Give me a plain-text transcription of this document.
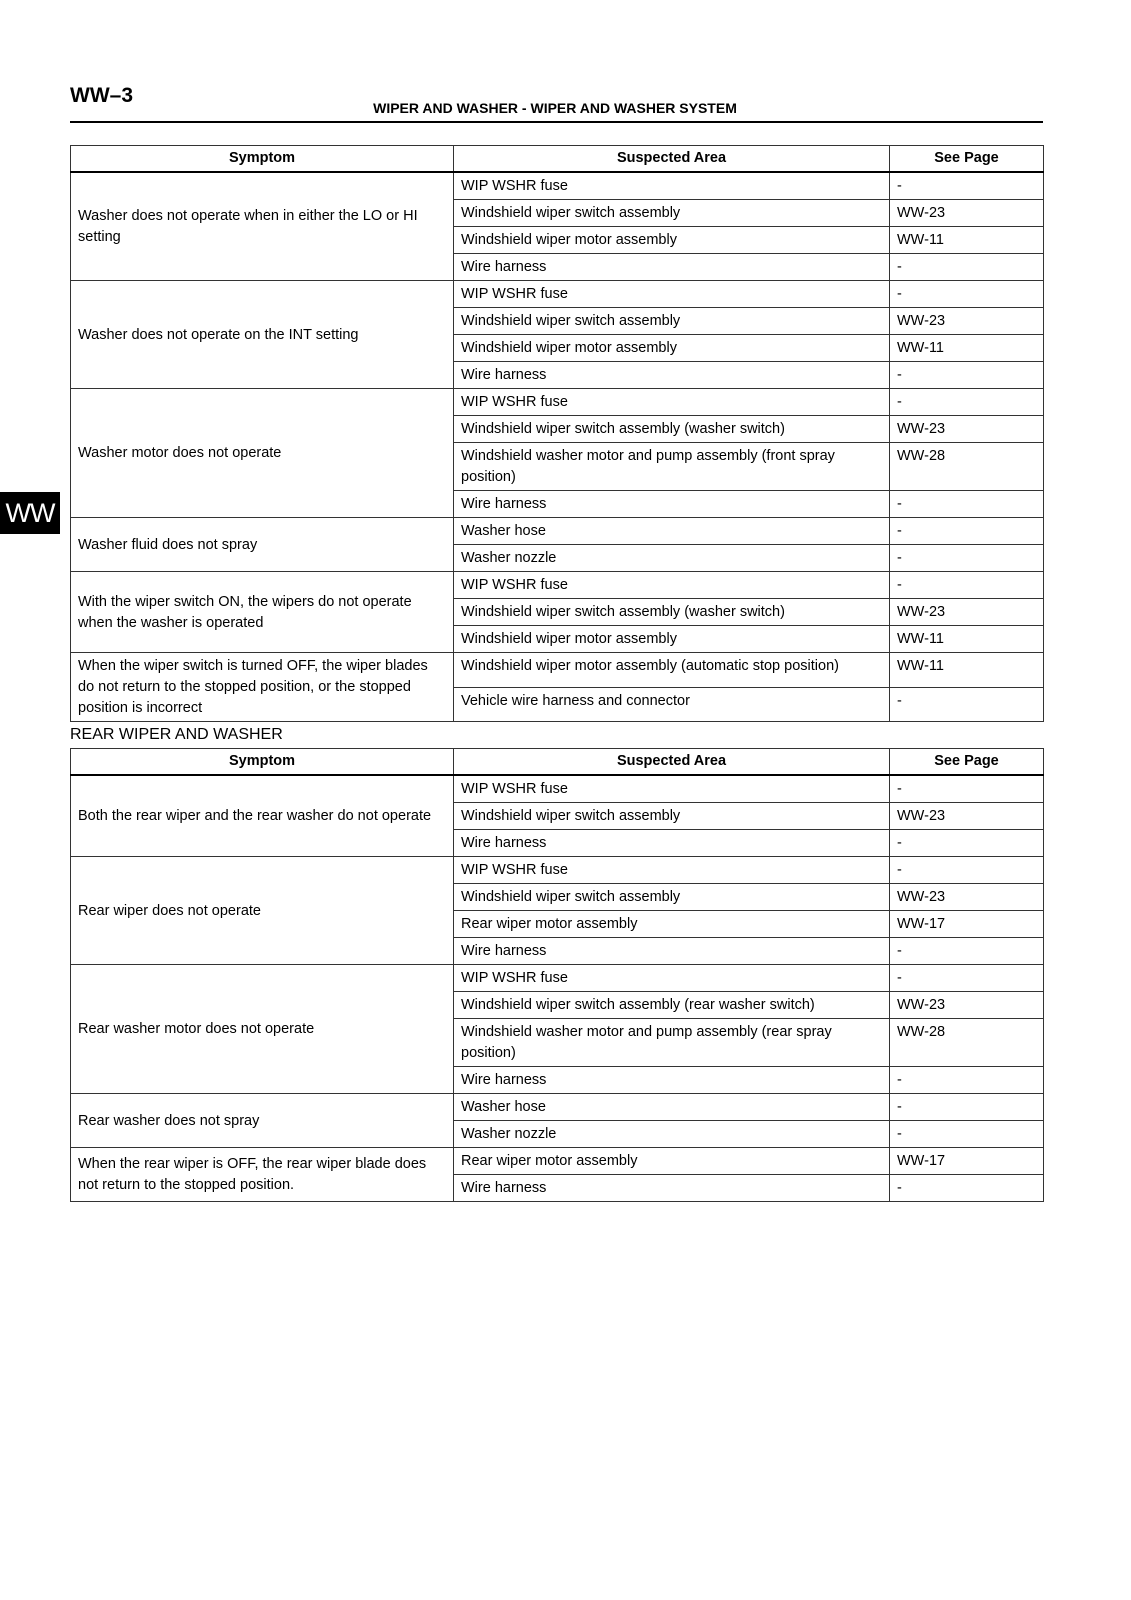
WW–3
WIPER AND WASHER - WIPER AND WASHER SYSTEM
WW
Symptom	Suspected Area	See Page
Washer does not operate when in either the LO or HI setting	WIP WSHR fuse	-
	Windshield wiper switch assembly	WW-23
	Windshield wiper motor assembly	WW-11
	Wire harness	-
Washer does not operate on the INT setting	WIP WSHR fuse	-
	Windshield wiper switch assembly	WW-23
	Windshield wiper motor assembly	WW-11
	Wire harness	-
Washer motor does not operate	WIP WSHR fuse	-
	Windshield wiper switch assembly (washer switch)	WW-23
	Windshield washer motor and pump assembly (front spray position)	WW-28
	Wire harness	-
Washer fluid does not spray	Washer hose	-
	Washer nozzle	-
With the wiper switch ON, the wipers do not operate when the washer is operated	WIP WSHR fuse	-
	Windshield wiper switch assembly (washer switch)	WW-23
	Windshield wiper motor assembly	WW-11
When the wiper switch is turned OFF, the wiper blades do not return to the stopped position, or the stopped position is incorrect	Windshield wiper motor assembly (automatic stop position)	WW-11
	Vehicle wire harness and connector	-
REAR WIPER AND WASHER
Symptom	Suspected Area	See Page
Both the rear wiper and the rear washer do not operate	WIP WSHR fuse	-
	Windshield wiper switch assembly	WW-23
	Wire harness	-
Rear wiper does not operate	WIP WSHR fuse	-
	Windshield wiper switch assembly	WW-23
	Rear wiper motor assembly	WW-17
	Wire harness	-
Rear washer motor does not operate	WIP WSHR fuse	-
	Windshield wiper switch assembly (rear washer switch)	WW-23
	Windshield washer motor and pump assembly (rear spray position)	WW-28
	Wire harness	-
Rear washer does not spray	Washer hose	-
	Washer nozzle	-
When the rear wiper is OFF, the rear wiper blade does not return to the stopped position.	Rear wiper motor assembly	WW-17
	Wire harness	-
